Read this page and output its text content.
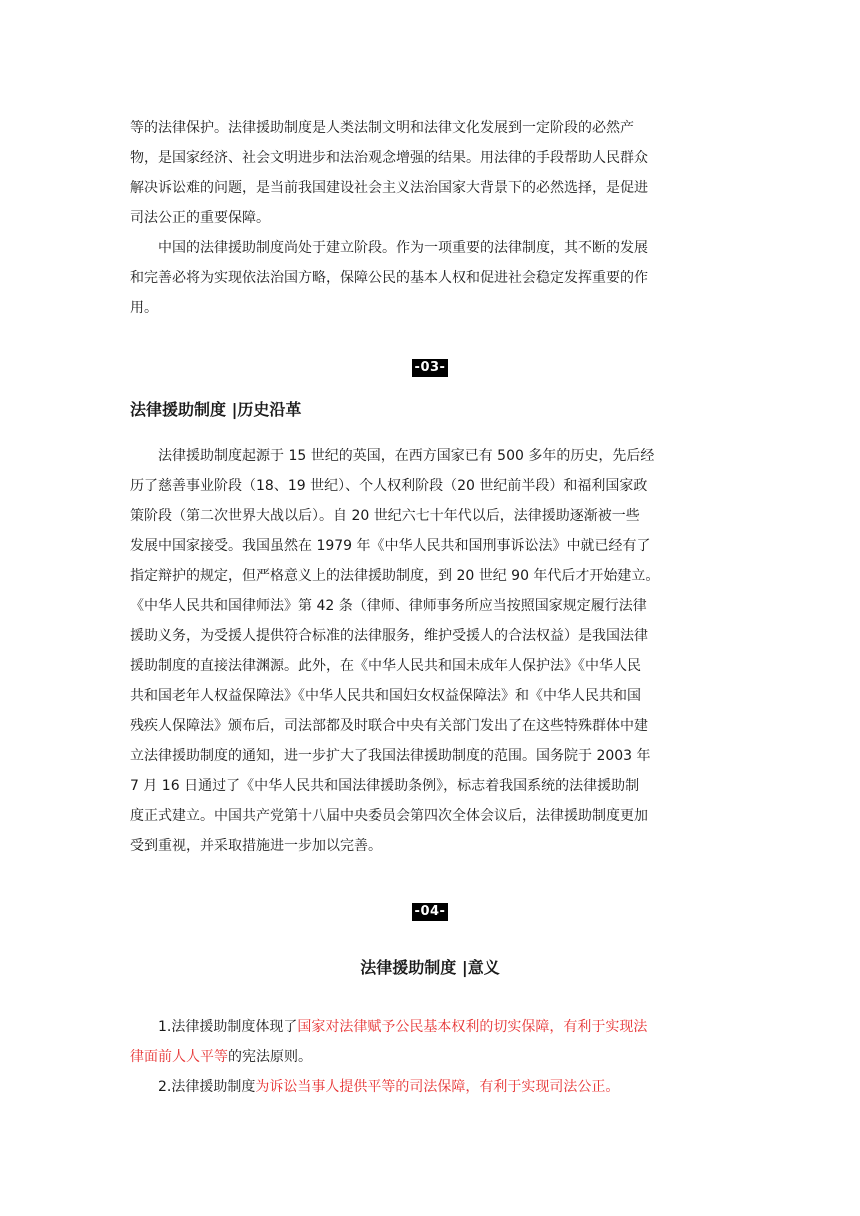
等的法律保护。法律援助制度是人类法制文明和法律文化发展到一定阶段的必然产
物，是国家经济、社会文明进步和法治观念增强的结果。用法律的手段帮助人民群众
解决诉讼难的问题，是当前我国建设社会主义法治国家大背景下的必然选择，是促进
司法公正的重要保障。
中国的法律援助制度尚处于建立阶段。作为一项重要的法律制度，其不断的发展
和完善必将为实现依法治国方略，保障公民的基本人权和促进社会稳定发挥重要的作
用。
-03-
法律援助制度 |历史沿革
法律援助制度起源于 15 世纪的英国，在西方国家已有 500 多年的历史，先后经
历了慈善事业阶段（18、19 世纪）、个人权利阶段（20 世纪前半段）和福利国家政
策阶段（第二次世界大战以后）。自 20 世纪六七十年代以后，法律援助逐渐被一些
发展中国家接受。我国虽然在 1979 年《中华人民共和国刑事诉讼法》中就已经有了
指定辩护的规定，但严格意义上的法律援助制度，到 20 世纪 90 年代后才开始建立。
《中华人民共和国律师法》第 42 条（律师、律师事务所应当按照国家规定履行法律
援助义务，为受援人提供符合标准的法律服务，维护受援人的合法权益）是我国法律
援助制度的直接法律渊源。此外，在《中华人民共和国未成年人保护法》《中华人民
共和国老年人权益保障法》《中华人民共和国妇女权益保障法》和《中华人民共和国
残疾人保障法》颁布后，司法部都及时联合中央有关部门发出了在这些特殊群体中建
立法律援助制度的通知，进一步扩大了我国法律援助制度的范围。国务院于 2003 年
7 月 16 日通过了《中华人民共和国法律援助条例》，标志着我国系统的法律援助制
度正式建立。中国共产党第十八届中央委员会第四次全体会议后，法律援助制度更加
受到重视，并采取措施进一步加以完善。
-04-
法律援助制度 |意义
1.法律援助制度体现了国家对法律赋予公民基本权利的切实保障，有利于实现法
律面前人人平等的宪法原则。
2.法律援助制度为诉讼当事人提供平等的司法保障，有利于实现司法公正。
